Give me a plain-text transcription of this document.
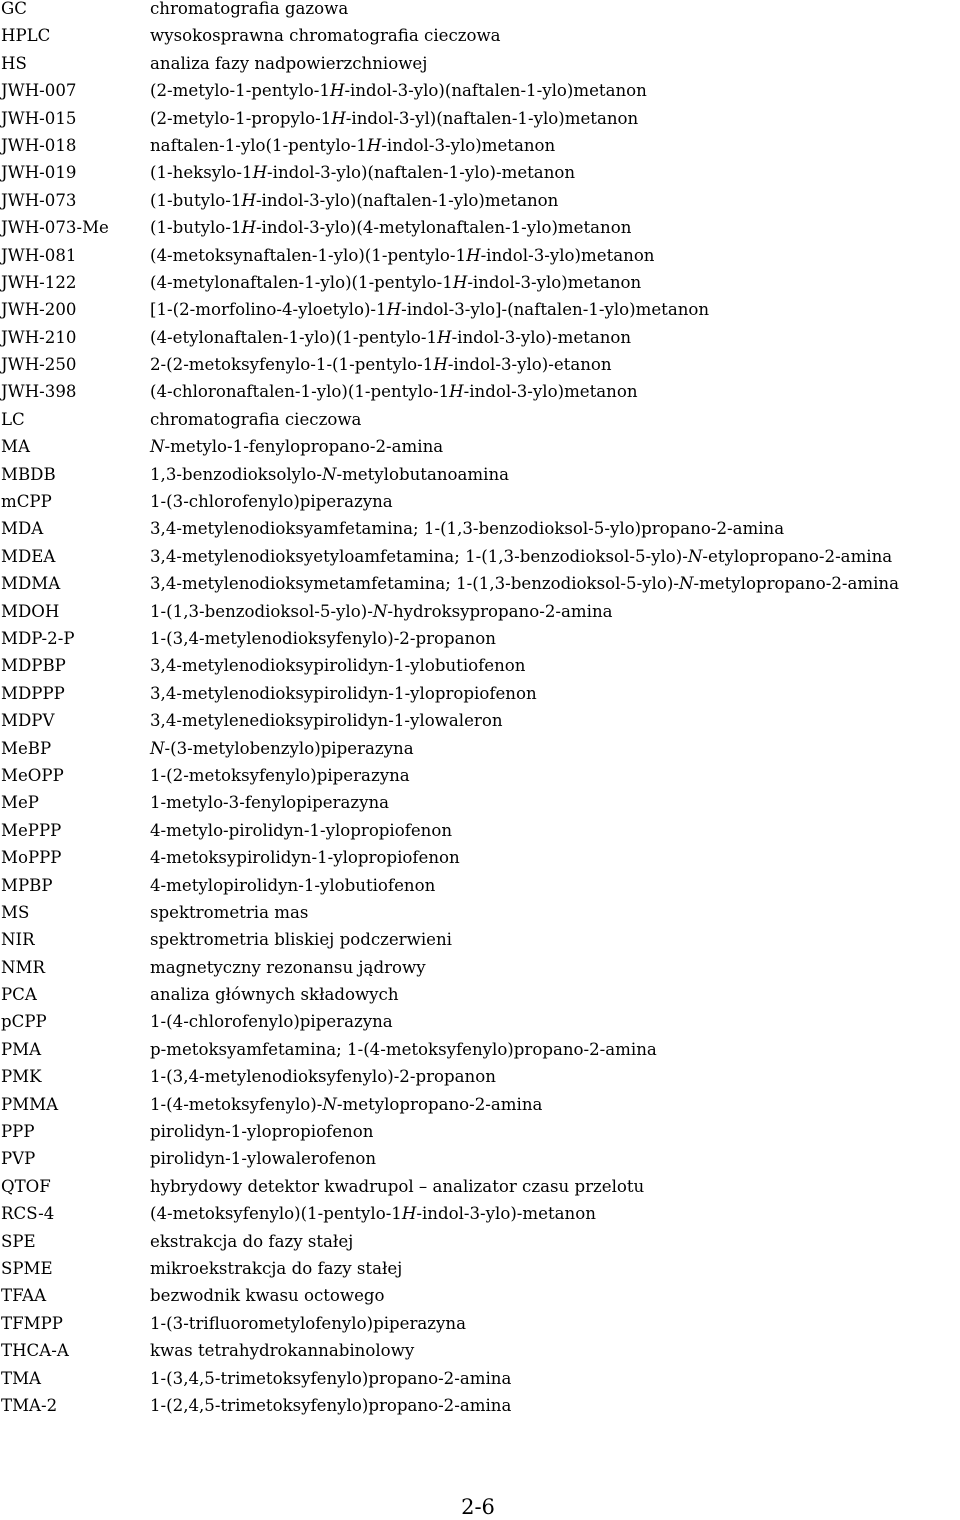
GC	chromatografia gazowa
HPLC	wysokosprawna chromatografia cieczowa
HS	analiza fazy nadpowierzchniowej
JWH-007	(2-metylo-1-pentylo-1H-indol-3-ylo)(naftalen-1-ylo)metanon
JWH-015	(2-metylo-1-propylo-1H-indol-3-yl)(naftalen-1-ylo)metanon
JWH-018	naftalen-1-ylo(1-pentylo-1H-indol-3-ylo)metanon
JWH-019	(1-heksylo-1H-indol-3-ylo)(naftalen-1-ylo)-metanon
JWH-073	(1-butylo-1H-indol-3-ylo)(naftalen-1-ylo)metanon
JWH-073-Me (1-butylo-1H-indol-3-ylo)(4-metylonaftalen-1-ylo)metanon
JWH-081	(4-metoksynaftalen-1-ylo)(1-pentylo-1H-indol-3-ylo)metanon
JWH-122	(4-metylonaftalen-1-ylo)(1-pentylo-1H-indol-3-ylo)metanon
JWH-200	[1-(2-morfolino-4-yloetylo)-1H-indol-3-ylo]-(naftalen-1-ylo)metanon
JWH-210	(4-etylonaftalen-1-ylo)(1-pentylo-1H-indol-3-ylo)-metanon
JWH-250	2-(2-metoksyfenylo-1-(1-pentylo-1H-indol-3-ylo)-etanon
JWH-398	(4-chloronaftalen-1-ylo)(1-pentylo-1H-indol-3-ylo)metanon
LC	chromatografia cieczowa
MA	N-metylo-1-fenylopropano-2-amina
MBDB	1,3-benzodioksolylo-N-metylobutanoamina
mCPP	1-(3-chlorofenylo)piperazyna
MDA	3,4-metylenodioksyamfetamina; 1-(1,3-benzodioksol-5-ylo)propano-2-amina
MDEA	3,4-metylenodioksyetyloamfetamina; 1-(1,3-benzodioksol-5-ylo)-N-etylopropano-2-amina
MDMA	3,4-metylenodioksymetamfetamina; 1-(1,3-benzodioksol-5-ylo)-N-metylopropano-2-amina
MDOH	1-(1,3-benzodioksol-5-ylo)-N-hydroksypropano-2-amina
MDP-2-P	1-(3,4-metylenodioksyfenylo)-2-propanon
MDPBP	3,4-metylenodioksypirolidyn-1-ylobutiofenon
MDPPP	3,4-metylenodioksypirolidyn-1-ylopropiofenon
MDPV	3,4-metylenedioksypirolidyn-1-ylowaleron
MeBP	N-(3-metylobenzylo)piperazyna
MeOPP	1-(2-metoksyfenylo)piperazyna
MeP	1-metylo-3-fenylopiperazyna
MePPP	4-metylo-pirolidyn-1-ylopropiofenon
MoPPP	4-metoksypirolidyn-1-ylopropiofenon
MPBP	4-metylopirolidyn-1-ylobutiofenon
MS	spektrometria mas
NIR	spektrometria bliskiej podczerwieni
NMR	magnetyczny rezonansu jądrowy
PCA	analiza głównych składowych
pCPP	1-(4-chlorofenylo)piperazyna
PMA	p-metoksyamfetamina; 1-(4-metoksyfenylo)propano-2-amina
PMK	1-(3,4-metylenodioksyfenylo)-2-propanon
PMMA	1-(4-metoksyfenylo)-N-metylopropano-2-amina
PPP	pirolidyn-1-ylopropiofenon
PVP	pirolidyn-1-ylowalerofenon
QTOF	hybrydowy detektor kwadrupol – analizator czasu przelotu
RCS-4	(4-metoksyfenylo)(1-pentylo-1H-indol-3-ylo)-metanon
SPE	ekstrakcja do fazy stałej
SPME	mikroekstrakcja do fazy stałej
TFAA	bezwodnik kwasu octowego
TFMPP	1-(3-trifluorometylofenylo)piperazyna
THCA-A	kwas tetrahydrokannabinolowy
TMA	1-(3,4,5-trimetoksyfenylo)propano-2-amina
TMA-2	1-(2,4,5-trimetoksyfenylo)propano-2-amina
2-6
